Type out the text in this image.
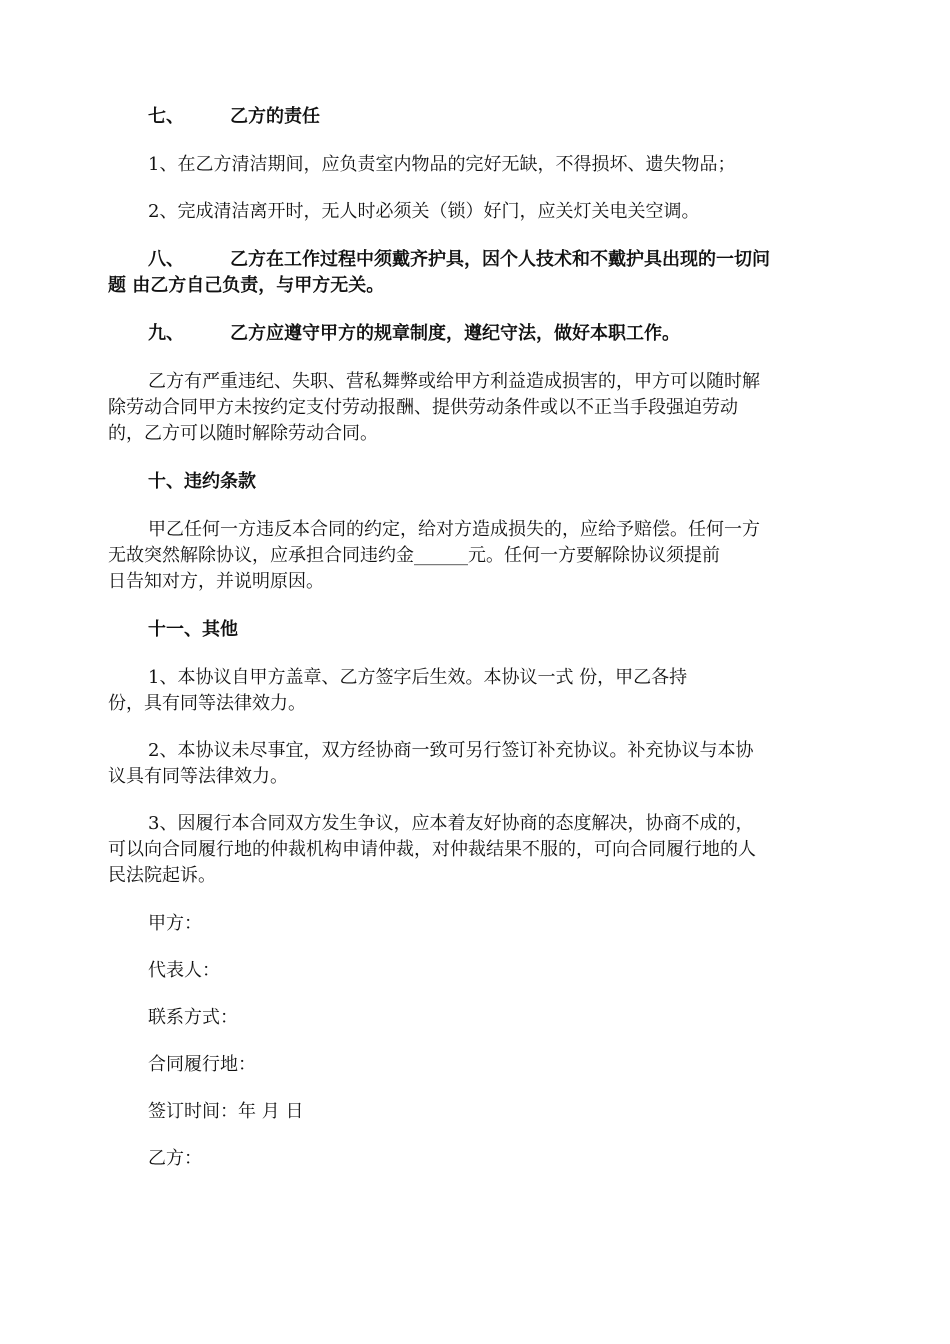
七、	乙方的责任
1、在乙方清洁期间，应负责室内物品的完好无缺，不得损坏、遗失物品；
2、完成清洁离开时，无人时必须关（锁）好门，应关灯关电关空调。
八、	乙方在工作过程中须戴齐护具，因个人技术和不戴护具出现的一切问
题 由乙方自己负责，与甲方无关。
九、	乙方应遵守甲方的规章制度，遵纪守法，做好本职工作。
乙方有严重违纪、失职、营私舞弊或给甲方利益造成损害的，甲方可以随时解
除劳动合同甲方未按约定支付劳动报酬、提供劳动条件或以不正当手段强迫劳动
的，乙方可以随时解除劳动合同。
十、违约条款
甲乙任何一方违反本合同的约定，给对方造成损失的，应给予赔偿。任何一方
无故突然解除协议，应承担合同违约金______元。任何一方要解除协议须提前
日告知对方，并说明原因。
十一、其他
1、本协议自甲方盖章、乙方签字后生效。本协议一式 份，甲乙各持
份，具有同等法律效力。
2、本协议未尽事宜，双方经协商一致可另行签订补充协议。补充协议与本协
议具有同等法律效力。
3、因履行本合同双方发生争议，应本着友好协商的态度解决，协商不成的，
可以向合同履行地的仲裁机构申请仲裁，对仲裁结果不服的，可向合同履行地的人
民法院起诉。
甲方：
代表人：
联系方式：
合同履行地：
签订时间：年 月 日
乙方：
